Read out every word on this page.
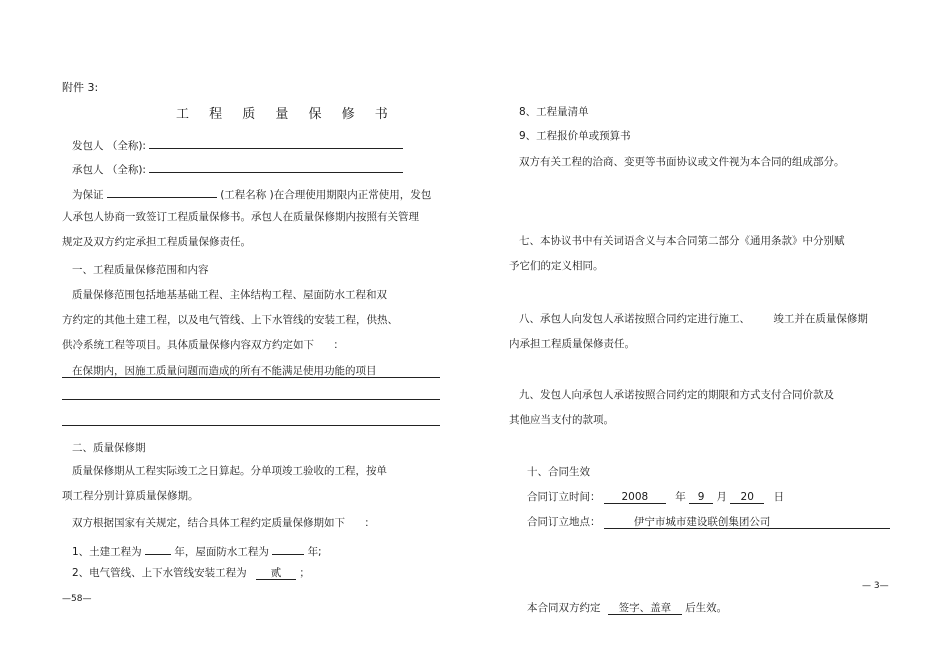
附件 3:
工 程 质 量 保 修 书
发包人 （全称):
承包人 （全称):
为保证	(工程名称 )在合理使用期限内正常使用，发包
人承包人协商一致签订工程质量保修书。承包人在质量保修期内按照有关管理
规定及双方约定承担工程质量保修责任。
一、工程质量保修范围和内容
质量保修范围包括地基基础工程、主体结构工程、屋面防水工程和双
方约定的其他土建工程，以及电气管线、上下水管线的安装工程，供热、
供冷系统工程等项目。具体质量保修内容双方约定如下 ：
在保期内，因施工质量问题而造成的所有不能满足使用功能的项目
二、质量保修期
质量保修期从工程实际竣工之日算起。分单项竣工验收的工程，按单
项工程分别计算质量保修期。
双方根据国家有关规定，结合具体工程约定质量保修期如下 ：
1、土建工程为	年，屋面防水工程为	年;
2、电气管线、上下水管线安装工程为 贰 ；
—58—
8、工程量清单
9、工程报价单或预算书
双方有关工程的洽商、变更等书面协议或文件视为本合同的组成部分。
七、本协议书中有关词语含义与本合同第二部分《通用条款》中分别赋
予它们的定义相同。
八、承包人向发包人承诺按照合同约定进行施工、 竣工并在质量保修期
内承担工程质量保修责任。
九、发包人向承包人承诺按照合同约定的期限和方式支付合同价款及
其他应当支付的款项。
十、合同生效
合同订立时间： 2008	年 9 月 20 日
合同订立地点：	伊宁市城市建设联创集团公司
— 3—
本合同双方约定 签字、盖章 后生效。
